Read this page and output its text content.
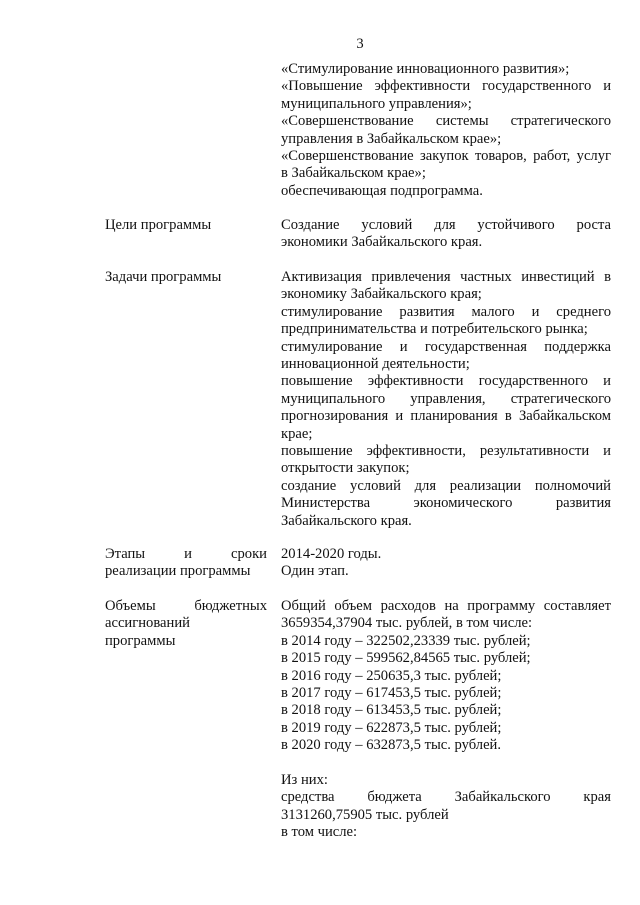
3
«Стимулирование инновационного развития»;
«Повышение эффективности государственного и
муниципального управления»;
«Совершенствование системы стратегического
управления в Забайкальском крае»;
«Совершенствование закупок товаров, работ, услуг
в Забайкальском крае»;
обеспечивающая подпрограмма.
Цели программы	Создание условий для устойчивого роста
экономики Забайкальского края.
Задачи программы	Активизация привлечения частных инвестиций в
экономику Забайкальского края;
стимулирование развития малого и среднего
предпринимательства и потребительского рынка;
стимулирование и государственная поддержка
инновационной деятельности;
повышение эффективности государственного и
муниципального управления, стратегического
прогнозирования и планирования в Забайкальском
крае;
повышение эффективности, результативности и
открытости закупок;
создание условий для реализации полномочий
Министерства экономического развития
Забайкальского края.
Этапы и сроки
реализации программы
2014-2020 годы.
Один этап.
Объемы бюджетных
ассигнований
программы
Общий объем расходов на программу составляет
3659354,37904 тыс. рублей, в том числе:
в 2014 году – 322502,23339 тыс. рублей;
в 2015 году – 599562,84565 тыс. рублей;
в 2016 году – 250635,3 тыс. рублей;
в 2017 году – 617453,5 тыс. рублей;
в 2018 году – 613453,5 тыс. рублей;
в 2019 году – 622873,5 тыс. рублей;
в 2020 году – 632873,5 тыс. рублей.
Из них:
средства бюджета Забайкальского края
3131260,75905 тыс. рублей
в том числе:
